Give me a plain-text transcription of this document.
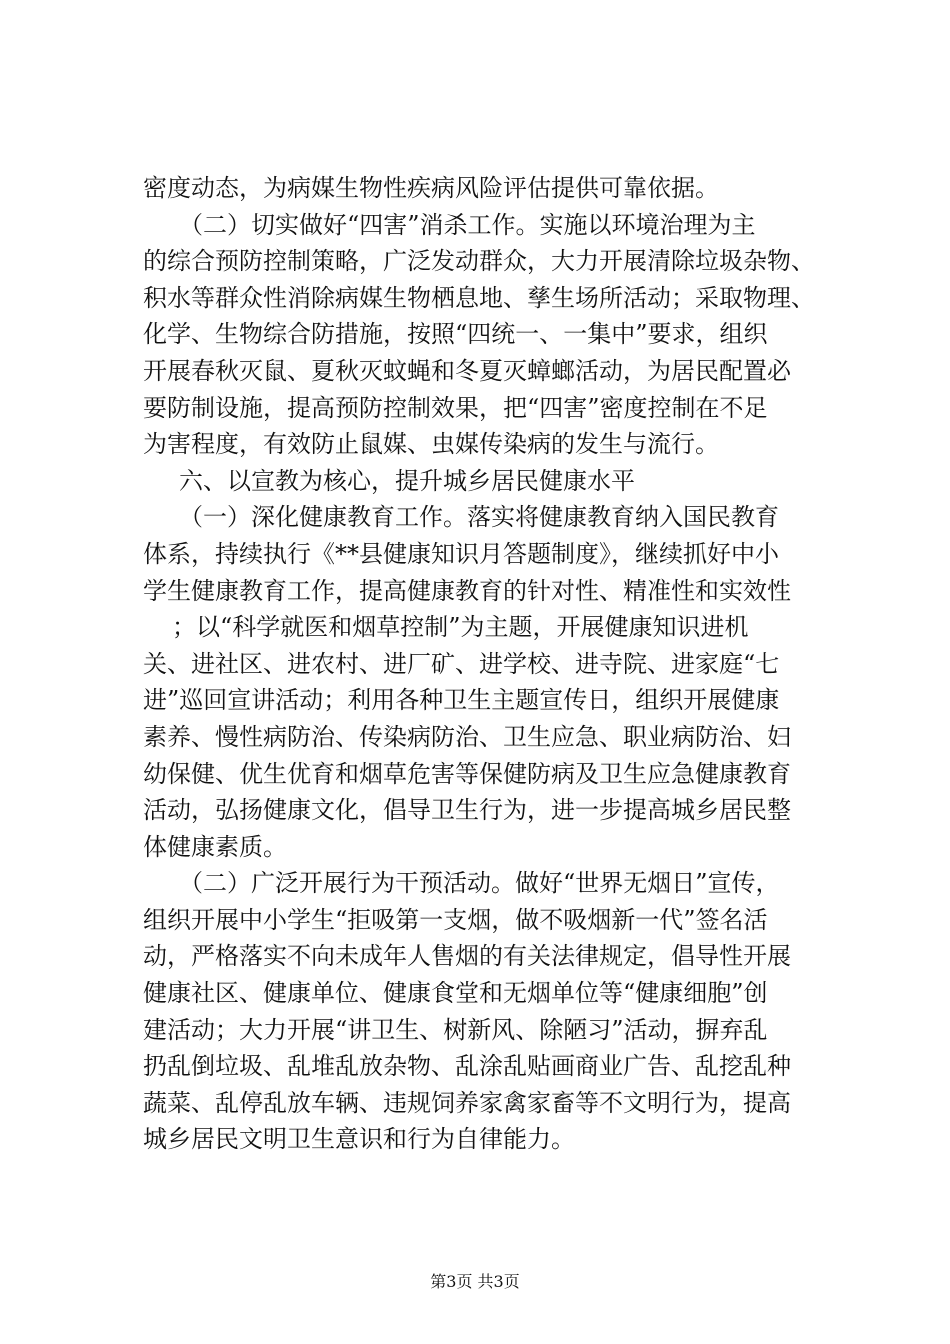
密度动态，为病媒生物性疾病风险评估提供可靠依据。
（二）切实做好“四害”消杀工作。实施以环境治理为主
的综合预防控制策略，广泛发动群众，大力开展清除垃圾杂物、
积水等群众性消除病媒生物栖息地、孳生场所活动；采取物理、
化学、生物综合防措施，按照“四统一、一集中”要求，组织
开展春秋灭鼠、夏秋灭蚊蝇和冬夏灭蟑螂活动，为居民配置必
要防制设施，提高预防控制效果，把“四害”密度控制在不足
为害程度，有效防止鼠媒、虫媒传染病的发生与流行。
六、以宣教为核心，提升城乡居民健康水平
（一）深化健康教育工作。落实将健康教育纳入国民教育
体系，持续执行《**县健康知识月答题制度》，继续抓好中小
学生健康教育工作，提高健康教育的针对性、精准性和实效性
；以“科学就医和烟草控制”为主题，开展健康知识进机
关、进社区、进农村、进厂矿、进学校、进寺院、进家庭“七
进”巡回宣讲活动；利用各种卫生主题宣传日，组织开展健康
素养、慢性病防治、传染病防治、卫生应急、职业病防治、妇
幼保健、优生优育和烟草危害等保健防病及卫生应急健康教育
活动，弘扬健康文化，倡导卫生行为，进一步提高城乡居民整
体健康素质。
（二）广泛开展行为干预活动。做好“世界无烟日”宣传，
组织开展中小学生“拒吸第一支烟，做不吸烟新一代”签名活
动，严格落实不向未成年人售烟的有关法律规定，倡导性开展
健康社区、健康单位、健康食堂和无烟单位等“健康细胞”创
建活动；大力开展“讲卫生、树新风、除陋习”活动，摒弃乱
扔乱倒垃圾、乱堆乱放杂物、乱涂乱贴画商业广告、乱挖乱种
蔬菜、乱停乱放车辆、违规饲养家禽家畜等不文明行为，提高
城乡居民文明卫生意识和行为自律能力。
第3页 共3页
